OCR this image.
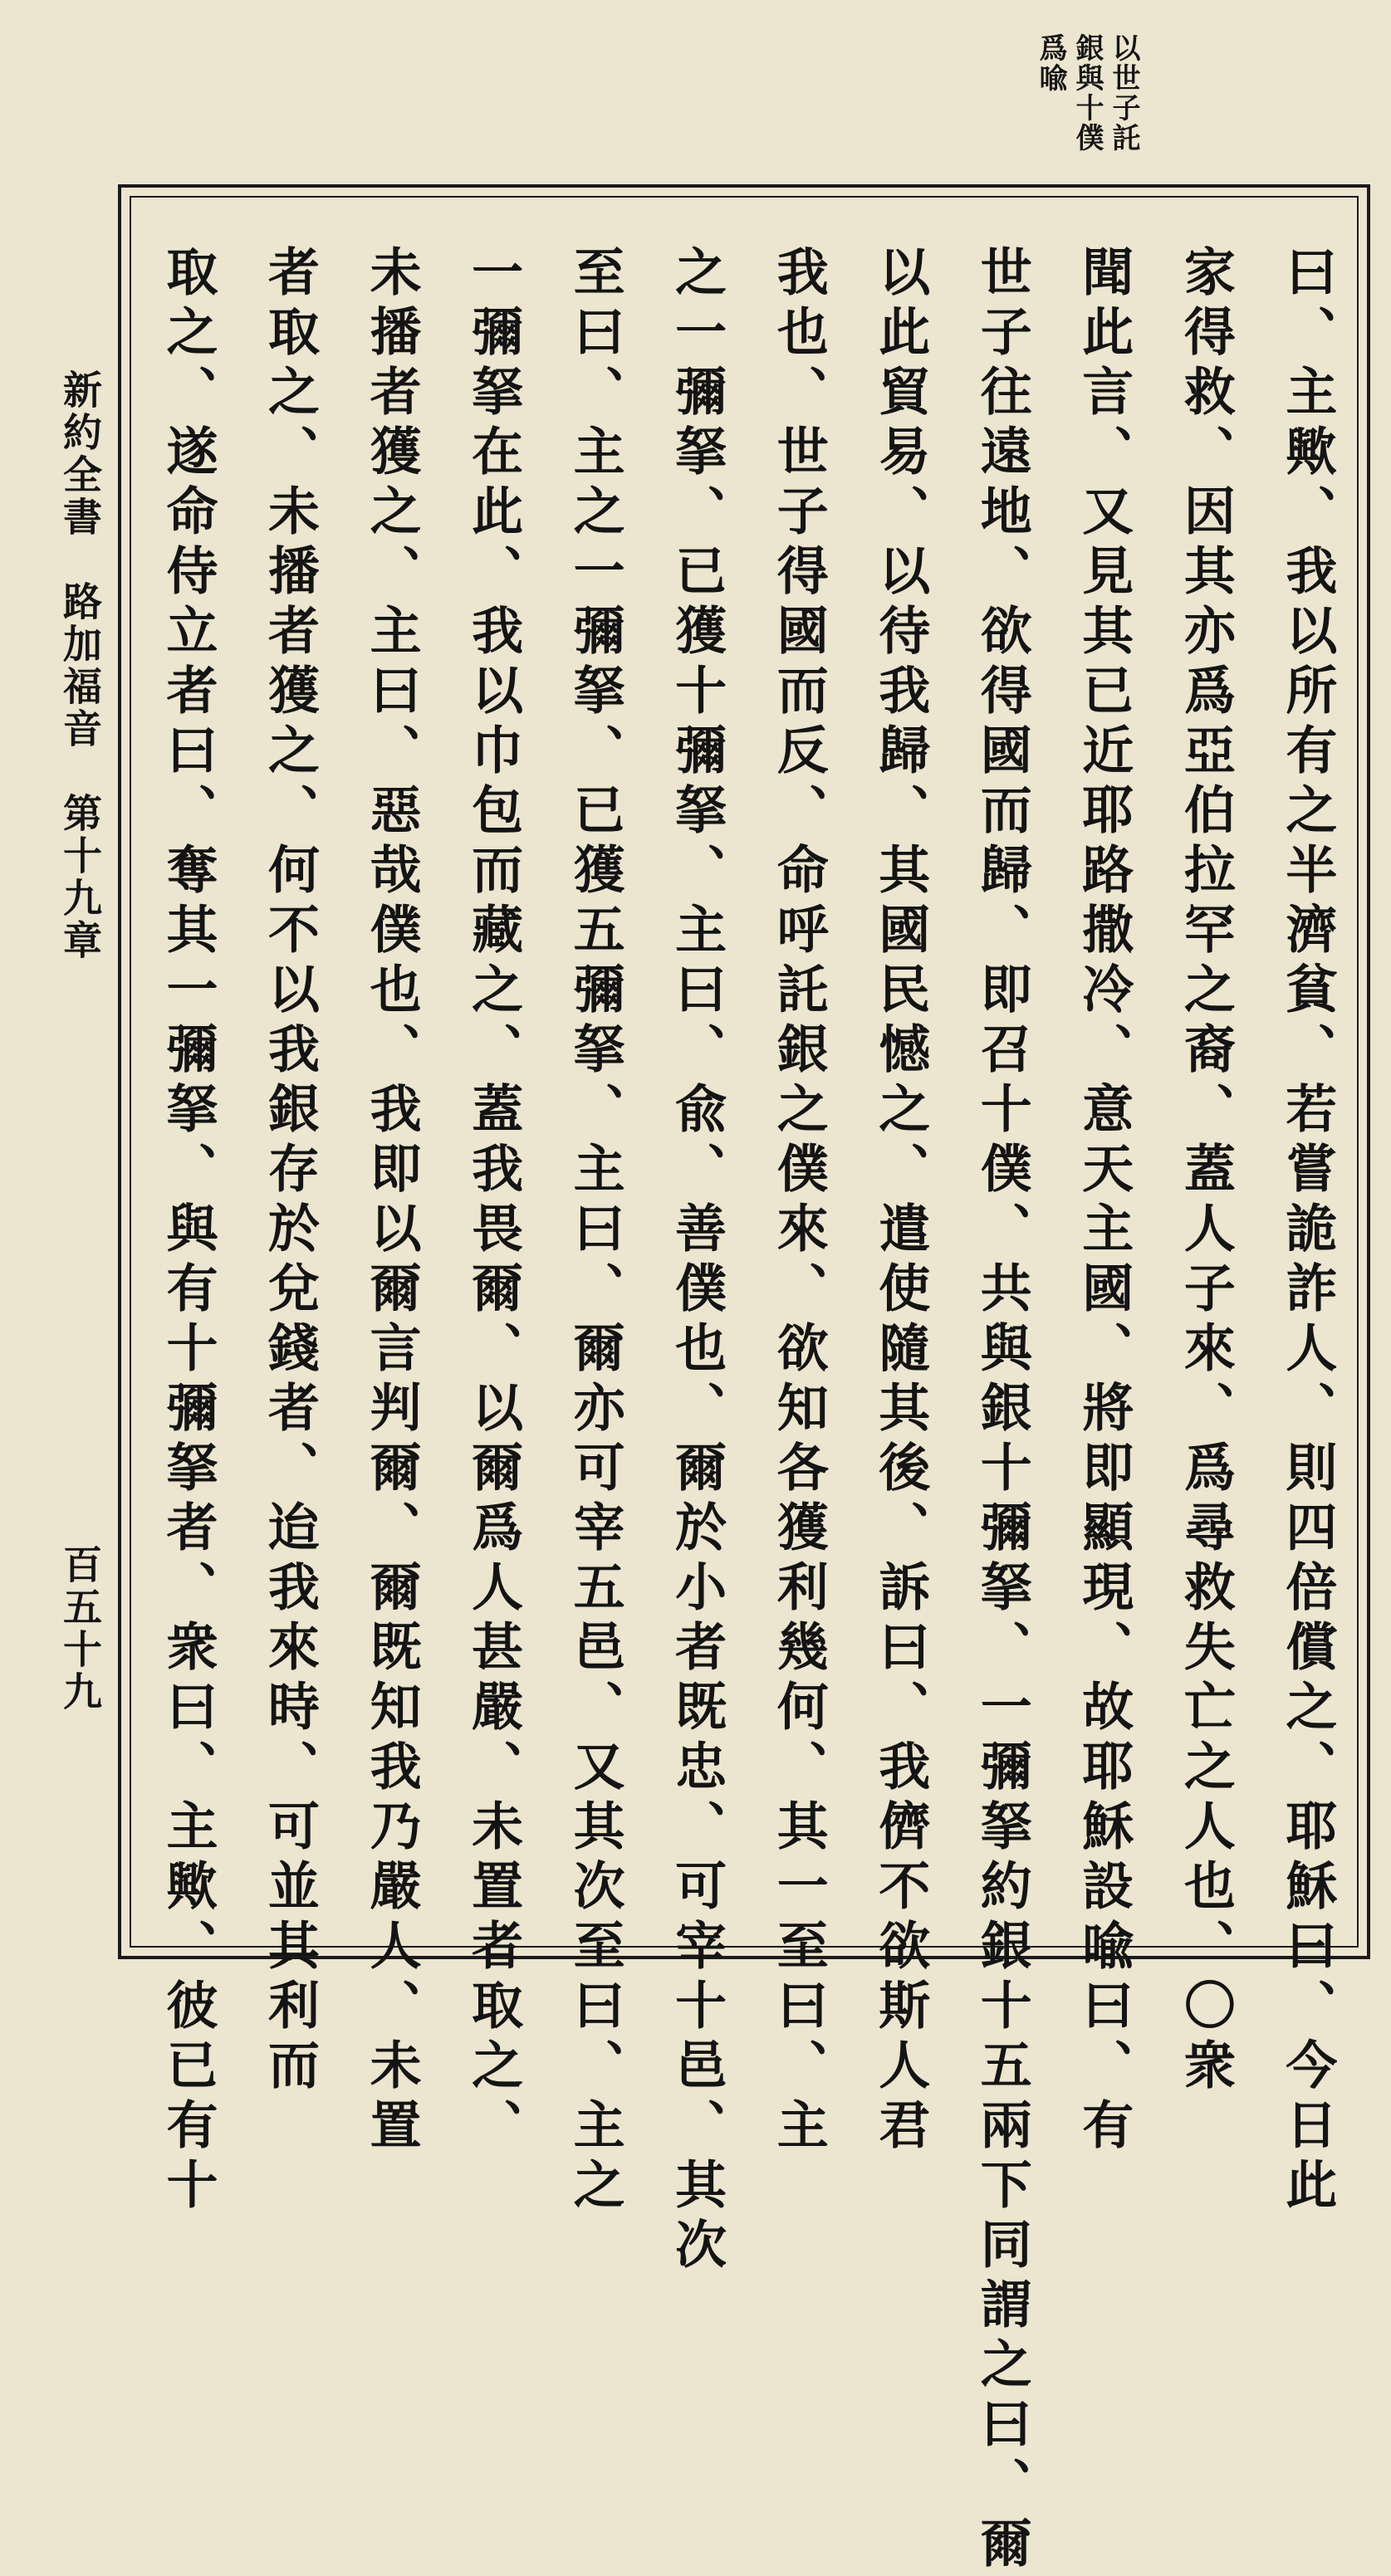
以世子託
銀與十僕
爲喩
曰、主歟、我以所有之半濟貧、若嘗詭詐人、則四倍償之、耶穌曰、今日此
家得救、因其亦爲亞伯拉罕之裔、蓋人子來、爲尋救失亡之人也、〇衆
聞此言、又見其已近耶路撒冷、意天主國、將即顯現、故耶穌設喩曰、有
世子往遠地、欲得國而歸、即召十僕、共與銀十彌拏、一彌拏約銀十五兩下同謂之曰、爾
以此貿易、以待我歸、其國民憾之、遣使隨其後、訴曰、我儕不欲斯人君
我也、世子得國而反、命呼託銀之僕來、欲知各獲利幾何、其一至曰、主
之一彌拏、已獲十彌拏、主曰、兪、善僕也、爾於小者既忠、可宰十邑、其次
至曰、主之一彌拏、已獲五彌拏、主曰、爾亦可宰五邑、又其次至曰、主之
一彌拏在此、我以巾包而藏之、蓋我畏爾、以爾爲人甚嚴、未置者取之、
未播者獲之、主曰、惡哉僕也、我即以爾言判爾、爾既知我乃嚴人、未置
者取之、未播者獲之、何不以我銀存於兌錢者、迨我來時、可並其利而
取之、遂命侍立者曰、奪其一彌拏、與有十彌拏者、衆曰、主歟、彼已有十
新約全書　路加福音　第十九章
百五十九
